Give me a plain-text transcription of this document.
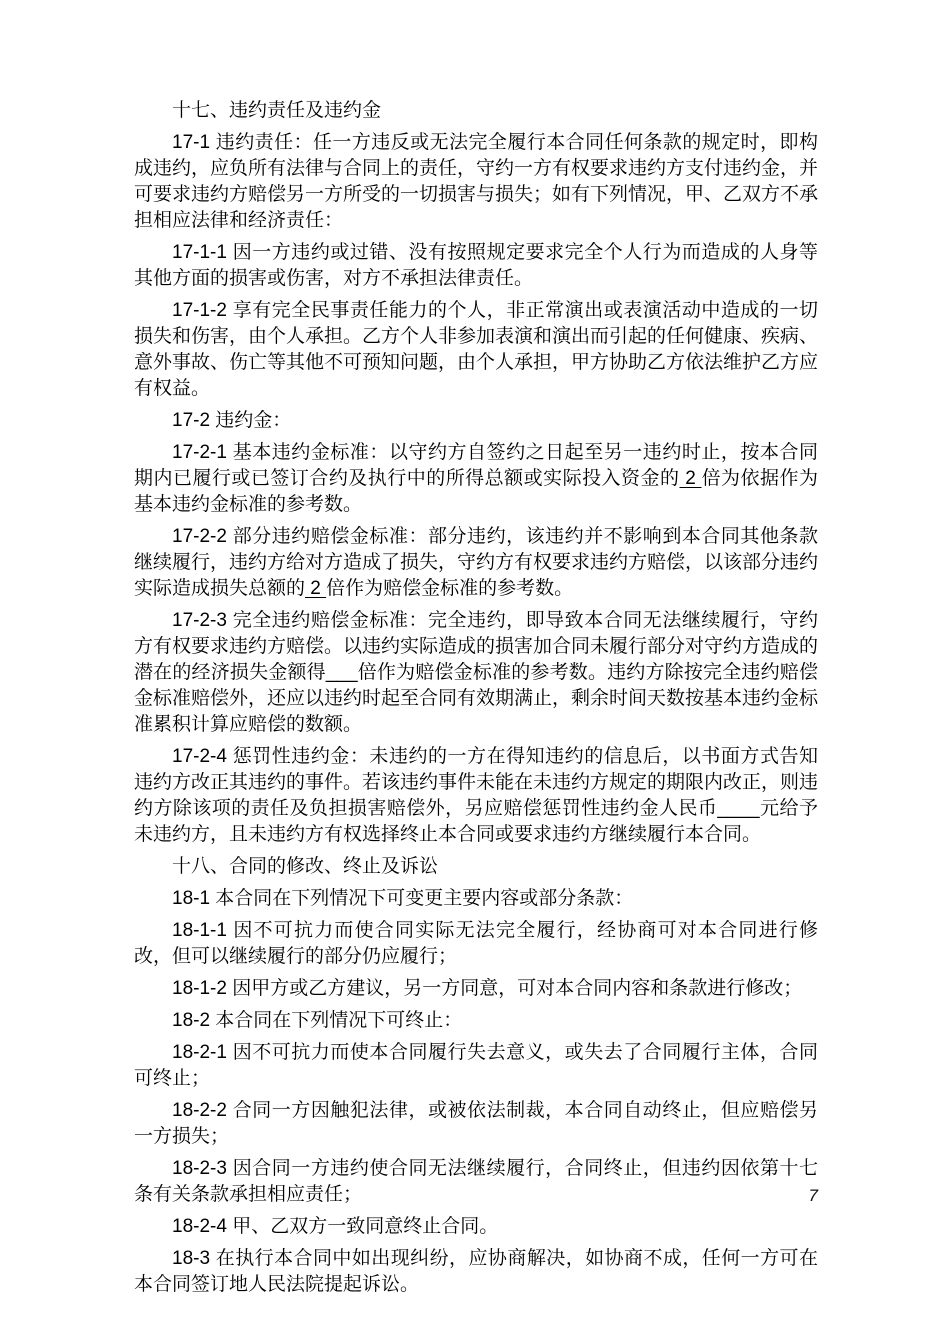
十七、违约责任及违约金

17-1 违约责任：任一方违反或无法完全履行本合同任何条款的规定时，即构成违约，应负所有法律与合同上的责任，守约一方有权要求违约方支付违约金，并可要求违约方赔偿另一方所受的一切损害与损失；如有下列情况，甲、乙双方不承担相应法律和经济责任：

17-1-1 因一方违约或过错、没有按照规定要求完全个人行为而造成的人身等其他方面的损害或伤害，对方不承担法律责任。

17-1-2 享有完全民事责任能力的个人，非正常演出或表演活动中造成的一切损失和伤害，由个人承担。乙方个人非参加表演和演出而引起的任何健康、疾病、意外事故、伤亡等其他不可预知问题，由个人承担，甲方协助乙方依法维护乙方应有权益。

17-2 违约金：

17-2-1 基本违约金标准：以守约方自签约之日起至另一违约时止，按本合同期内已履行或已签订合约及执行中的所得总额或实际投入资金的 2 倍为依据作为基本违约金标准的参考数。

17-2-2 部分违约赔偿金标准：部分违约，该违约并不影响到本合同其他条款继续履行，违约方给对方造成了损失，守约方有权要求违约方赔偿，以该部分违约实际造成损失总额的 2 倍作为赔偿金标准的参考数。

17-2-3 完全违约赔偿金标准：完全违约，即导致本合同无法继续履行，守约方有权要求违约方赔偿。以违约实际造成的损害加合同未履行部分对守约方造成的潜在的经济损失金额得___倍作为赔偿金标准的参考数。违约方除按完全违约赔偿金标准赔偿外，还应以违约时起至合同有效期满止，剩余时间天数按基本违约金标准累积计算应赔偿的数额。

17-2-4 惩罚性违约金：未违约的一方在得知违约的信息后，以书面方式告知违约方改正其违约的事件。若该违约事件未能在未违约方规定的期限内改正，则违约方除该项的责任及负担损害赔偿外，另应赔偿惩罚性违约金人民币____元给予未违约方，且未违约方有权选择终止本合同或要求违约方继续履行本合同。

十八、合同的修改、终止及诉讼

18-1 本合同在下列情况下可变更主要内容或部分条款：

18-1-1 因不可抗力而使合同实际无法完全履行，经协商可对本合同进行修改，但可以继续履行的部分仍应履行；

18-1-2 因甲方或乙方建议，另一方同意，可对本合同内容和条款进行修改；

18-2 本合同在下列情况下可终止：

18-2-1 因不可抗力而使本合同履行失去意义，或失去了合同履行主体，合同可终止；

18-2-2 合同一方因触犯法律，或被依法制裁，本合同自动终止，但应赔偿另一方损失；

18-2-3 因合同一方违约使合同无法继续履行，合同终止，但违约因依第十七条有关条款承担相应责任；

18-2-4 甲、乙双方一致同意终止合同。

18-3 在执行本合同中如出现纠纷，应协商解决，如协商不成，任何一方可在本合同签订地人民法院提起诉讼。

7
